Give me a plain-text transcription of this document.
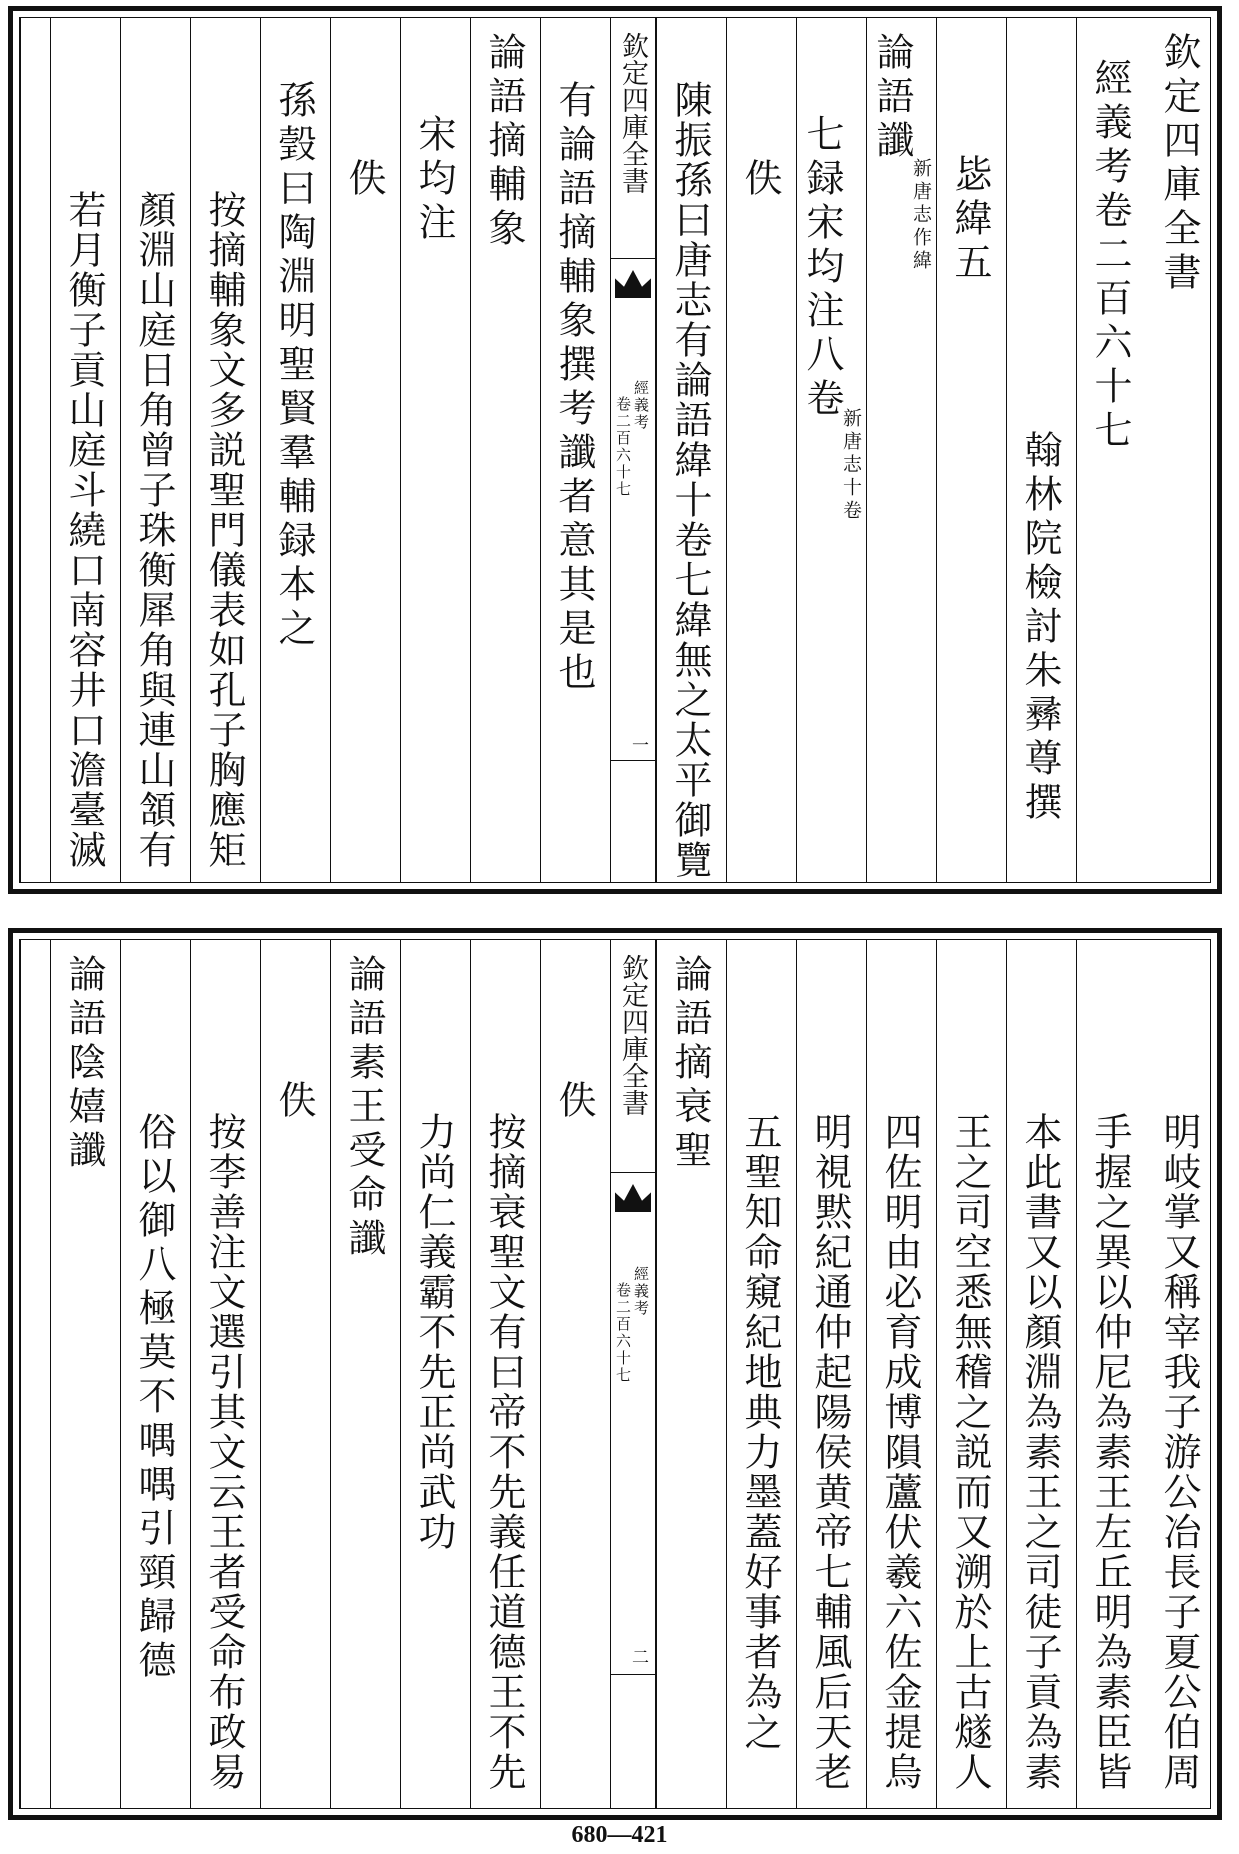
欽定四庫全書
經義考卷二百六十七
翰林院檢討朱彞尊撰
毖緯五
論語讖
新唐志作緯
七録宋均注八卷
新唐志十卷
佚
陳振孫曰唐志有論語緯十卷七緯無之太平御覽
欽定四庫全書
經義考
卷二百六十七
一
有論語摘輔象撰考讖者意其是也
論語摘輔象
宋均注
佚
孫瑴曰陶淵明聖賢羣輔録本之
按摘輔象文多説聖門儀表如孔子胸應矩
顏淵山庭日角曾子珠衡犀角與連山頷有
若月衡子貢山庭斗繞口南容井口澹臺滅
明岐掌又稱宰我子游公冶長子夏公伯周
手握之異以仲尼為素王左丘明為素臣皆
本此書又以顏淵為素王之司徒子貢為素
王之司空悉無稽之説而又溯於上古燧人
四佐明由必育成博隕蘆伏羲六佐金提烏
明視黙紀通仲起陽侯黄帝七輔風后天老
五聖知命窺紀地典力墨蓋好事者為之
論語摘衰聖
欽定四庫全書
經義考
卷二百六十七
二
佚
按摘衰聖文有曰帝不先義任道德王不先
力尚仁義霸不先正尚武功
論語素王受命讖
佚
按李善注文選引其文云王者受命布政易
俗以御八極莫不喁喁引頸歸德
論語陰嬉讖
680—421
